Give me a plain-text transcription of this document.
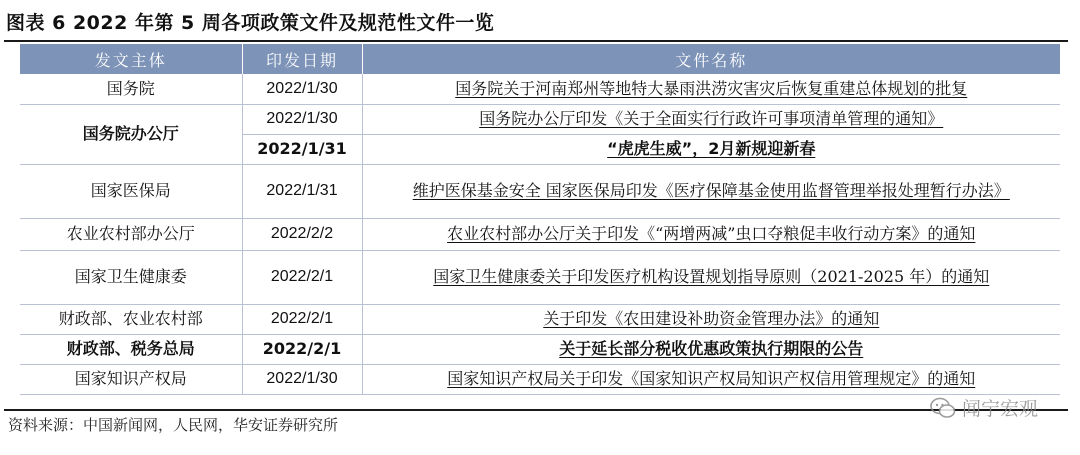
图表 6 2022 年第 5 周各项政策文件及规范性文件一览
发文主体	印发日期	文件名称
国务院	2022/1/30	国务院关于河南郑州等地特大暴雨洪涝灾害灾后恢复重建总体规划的批复
国务院办公厅	2022/1/30	国务院办公厅印发《关于全面实行行政许可事项清单管理的通知》
	2022/1/31	“虎虎生威”，2月新规迎新春
国家医保局	2022/1/31	维护医保基金安全 国家医保局印发《医疗保障基金使用监督管理举报处理暂行办法》
农业农村部办公厅	2022/2/2	农业农村部办公厅关于印发《“两增两减”虫口夺粮促丰收行动方案》的通知
国家卫生健康委	2022/2/1	国家卫生健康委关于印发医疗机构设置规划指导原则（2021-2025 年）的通知
财政部、农业农村部	2022/2/1	关于印发《农田建设补助资金管理办法》的通知
财政部、税务总局	2022/2/1	关于延长部分税收优惠政策执行期限的公告
国家知识产权局	2022/1/30	国家知识产权局关于印发《国家知识产权局知识产权信用管理规定》的通知
资料来源：中国新闻网，人民网，华安证券研究所
闻宁宏观
